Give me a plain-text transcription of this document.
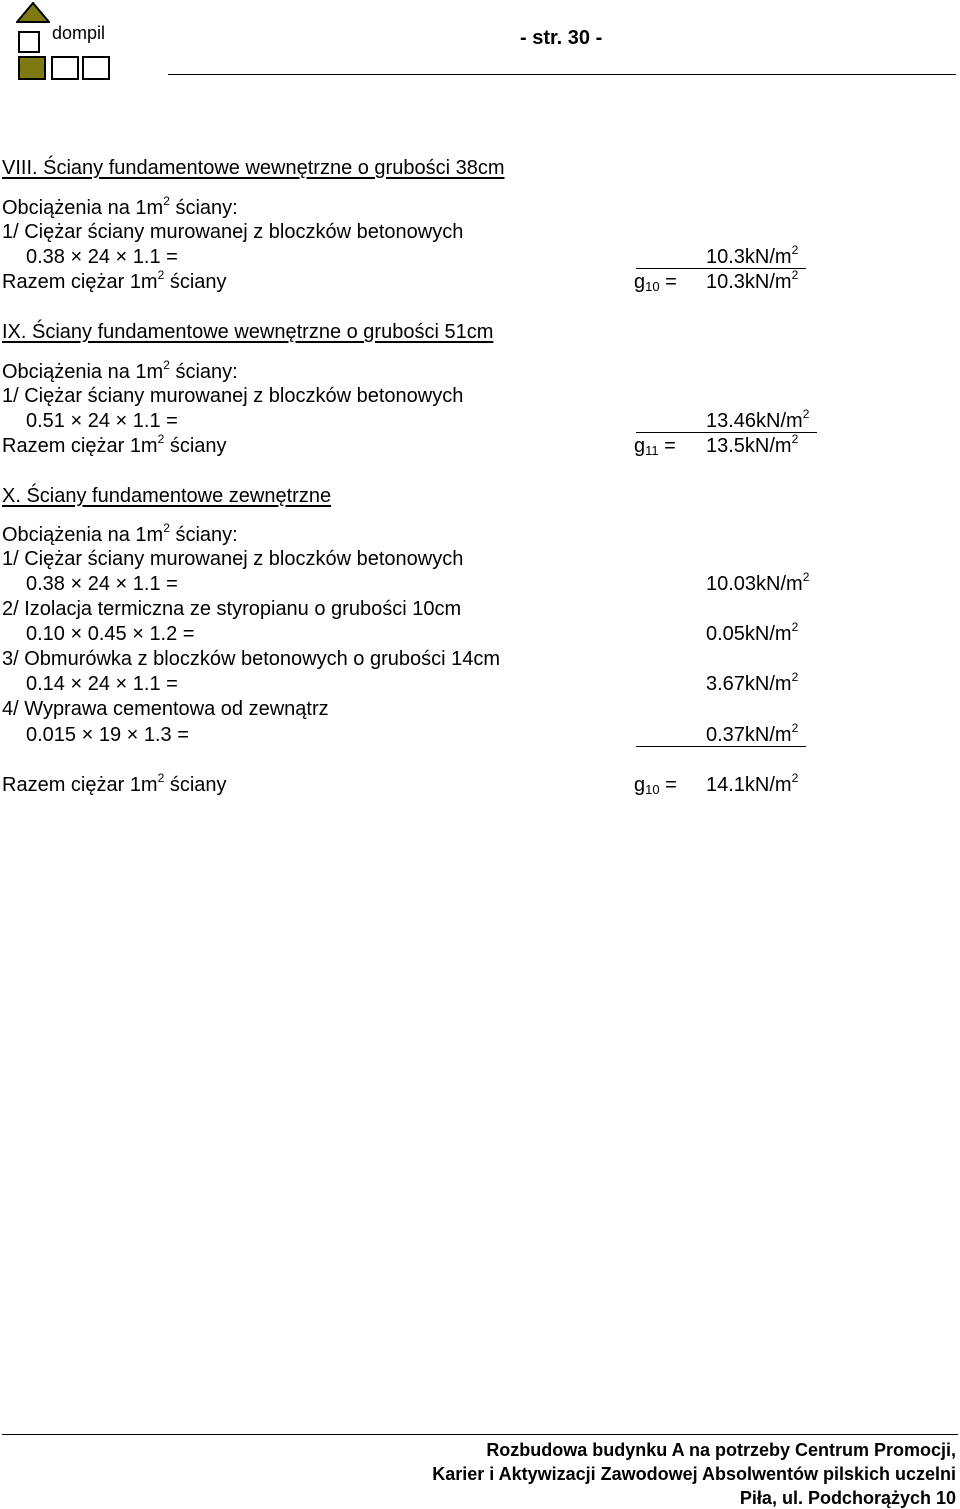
dompil	- str. 30 -
VIII. Ściany fundamentowe wewnętrzne o grubości 38cm
Obciążenia na $1m^2$ ściany:
1/ Ciężar ściany murowanej z bloczków betonowych
0.38 × 24 × 1.1 =	$10.3kN/m^2$
Razem ciężar $1m^2$ ściany	$g_{10} = 10.3kN/m^2$
IX. Ściany fundamentowe wewnętrzne o grubości 51cm
Obciążenia na $1m^2$ ściany:
1/ Ciężar ściany murowanej z bloczków betonowych
0.51 × 24 × 1.1 =	$13.46kN/m^2$
Razem ciężar $1m^2$ ściany	$g_{11} = 13.5kN/m^2$
X. Ściany fundamentowe zewnętrzne
Obciążenia na $1m^2$ ściany:
1/ Ciężar ściany murowanej z bloczków betonowych
0.38 × 24 × 1.1 =	$10.03kN/m^2$
2/ Izolacja termiczna ze styropianu o grubości 10cm
0.10 × 0.45 × 1.2 =	$0.05kN/m^2$
3/ Obmurówka z bloczków betonowych o grubości 14cm
0.14 × 24 × 1.1 =	$3.67kN/m^2$
4/ Wyprawa cementowa od zewnątrz
0.015 × 19 × 1.3 =	$0.37kN/m^2$
Razem ciężar $1m^2$ ściany	$g_{10} = 14.1kN/m^2$
Rozbudowa budynku A na potrzeby Centrum Promocji,
Karier i Aktywizacji Zawodowej Absolwentów pilskich uczelni
Piła, ul. Podchorążych 10
